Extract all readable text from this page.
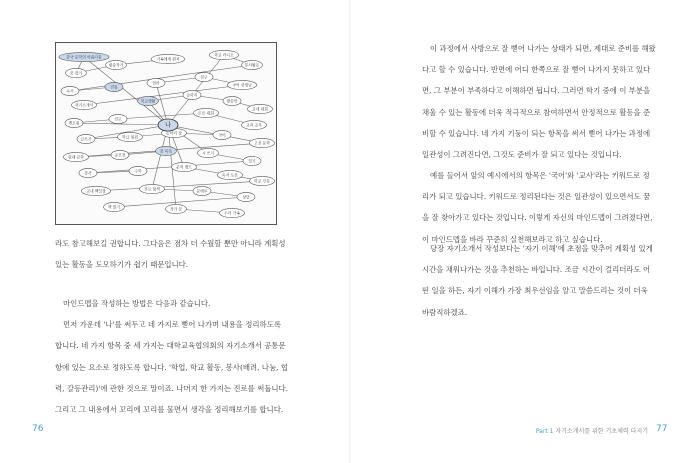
한국 문학의 아름다움
꿈 잡기
방송작가
가족에게 편지
학교 라디오
봉사활동
독서
전통
엄마
친구
국어 선생님
자기소개서
학교생활
동아리
방송반
교내 대회
멘토링
진로
토론 대회
교과 공부
글쓰기	학급 임원
동아리 장	국어
고전 문학
현대 문학	공모전
꿈 목록	시 쓰기
일기
봉사	수학
문학 캠프
독서 토론
학교 신문
교내 백일장	진로 탐색	문예부
상담
책 읽기	작가 꿈
우리 가족
나
라도 참고해보길 권합니다. 그다음은 점차 더 수월할 뿐만 아니라 계획성
있는 활동을 도모하기가 쉽기 때문입니다.
마인드맵을 작성하는 방법은 다음과 같습니다.
먼저 가운데 '나'를 써두고 네 가지로 뻗어 나가며 내용을 정리하도록
합니다. 네 가지 항목 중 세 가지는 대학교육협의회의 자기소개서 공통문
항에 있는 요소로 정하도록 합니다. '학업, 학교 활동, 봉사(배려, 나눔, 협
력, 갈등관리)'에 관한 것으로 말이죠. 나머지 한 가지는 진로를 써둡니다.
그리고 그 내용에서 꼬리에 꼬리를 물면서 생각을 정리해보기를 합니다.
76
이 과정에서 사방으로 잘 뻗어 나가는 상태가 되면, 제대로 준비를 해왔
다고 할 수 있습니다. 반면에 어디 한쪽으로 잘 뻗어 나가지 못하고 있다
면, 그 부분이 부족하다고 이해하면 됩니다. 그러면 학기 중에 이 부분을
채울 수 있는 활동에 더욱 적극적으로 참여하면서 안정적으로 활동을 준
비할 수 있습니다. 네 가지 기둥이 되는 항목을 써서 뻗어 나가는 과정에
일관성이 그려진다면, 그것도 준비가 잘 되고 있다는 것입니다.
예를 들어서 앞의 예시에서의 항목은 '국어'와 '교사'라는 키워드로 정
리가 되고 있습니다. 키워드로 정리된다는 것은 일관성이 있으면서도 꿈
을 잘 찾아가고 있다는 것입니다. 이렇게 자신의 마인드맵이 그려졌다면,
이 마인드맵을 바라 꾸준히 실천해보라고 하고 싶습니다.
당장 자기소개서 작성보다는 '자기 이해'에 초점을 맞추어 계획성 있게
시간을 채워나가는 것을 추천하는 바입니다. 조금 시간이 걸리더라도 어
떤 일을 하든, 자기 이해가 가장 최우선임을 알고 말씀드리는 것이 더욱
바람직하겠죠.
Part 1 자기소개서를 위한 기초체력 다지기 77
